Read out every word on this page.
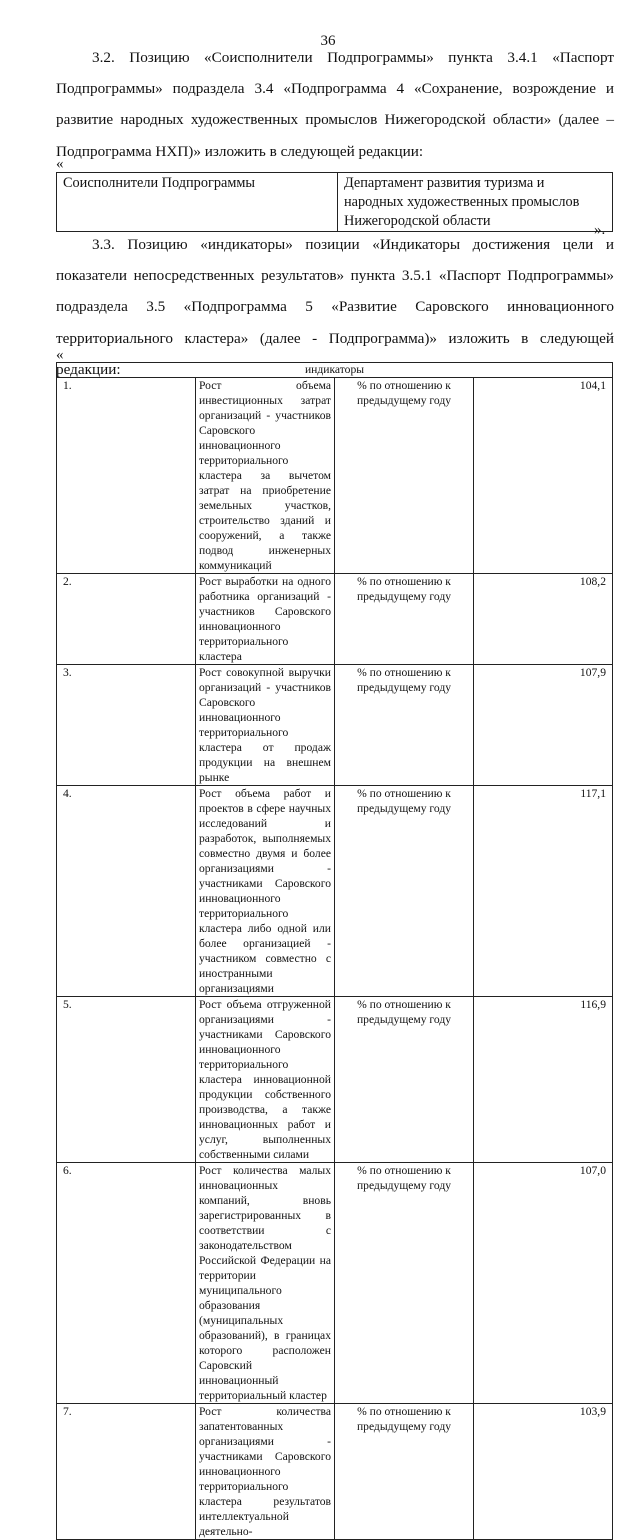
36

3.2. Позицию «Соисполнители Подпрограммы» пункта 3.4.1 «Паспорт Подпрограммы» подраздела 3.4 «Подпрограмма 4 «Сохранение, возрождение и развитие народных художественных промыслов Нижегородской области» (далее – Подпрограмма НХП)» изложить в следующей редакции:

«
Соисполнители Подпрограммы	Департамент развития туризма и народных художественных промыслов Нижегородской области
».

3.3. Позицию «индикаторы» позиции «Индикаторы достижения цели и показатели непосредственных результатов» пункта 3.5.1 «Паспорт Подпрограммы» подраздела 3.5 «Подпрограмма 5 «Развитие Саровского инновационного территориального кластера» (далее - Подпрограмма)» изложить в следующей редакции:

«
индикаторы			
1.	Рост объема инвестиционных затрат организаций - участников Саровского инновационного территориального кластера за вычетом затрат на приобретение земельных участков, строительство зданий и сооружений, а также подвод инженерных коммуникаций	% по отношению к предыдущему году	104,1
2.	Рост выработки на одного работника организаций - участников Саровского инновационного территориального кластера	% по отношению к предыдущему году	108,2
3.	Рост совокупной выручки организаций - участников Саровского инновационного территориального кластера от продаж продукции на внешнем рынке	% по отношению к предыдущему году	107,9
4.	Рост объема работ и проектов в сфере научных исследований и разработок, выполняемых совместно двумя и более организациями - участниками Саровского инновационного территориального кластера либо одной или более организацией - участником совместно с иностранными организациями	% по отношению к предыдущему году	117,1
5.	Рост объема отгруженной организациями - участниками Саровского инновационного территориального кластера инновационной продукции собственного производства, а также инновационных работ и услуг, выполненных собственными силами	% по отношению к предыдущему году	116,9
6.	Рост количества малых инновационных компаний, вновь зарегистрированных в соответствии с законодательством Российской Федерации на территории муниципального образования (муниципальных образований), в границах которого расположен Саровский инновационный территориальный кластер	% по отношению к предыдущему году	107,0
7.	Рост количества запатентованных организациями - участниками Саровского инновационного территориального кластера результатов интеллектуальной деятельно-	% по отношению к предыдущему году	103,9
